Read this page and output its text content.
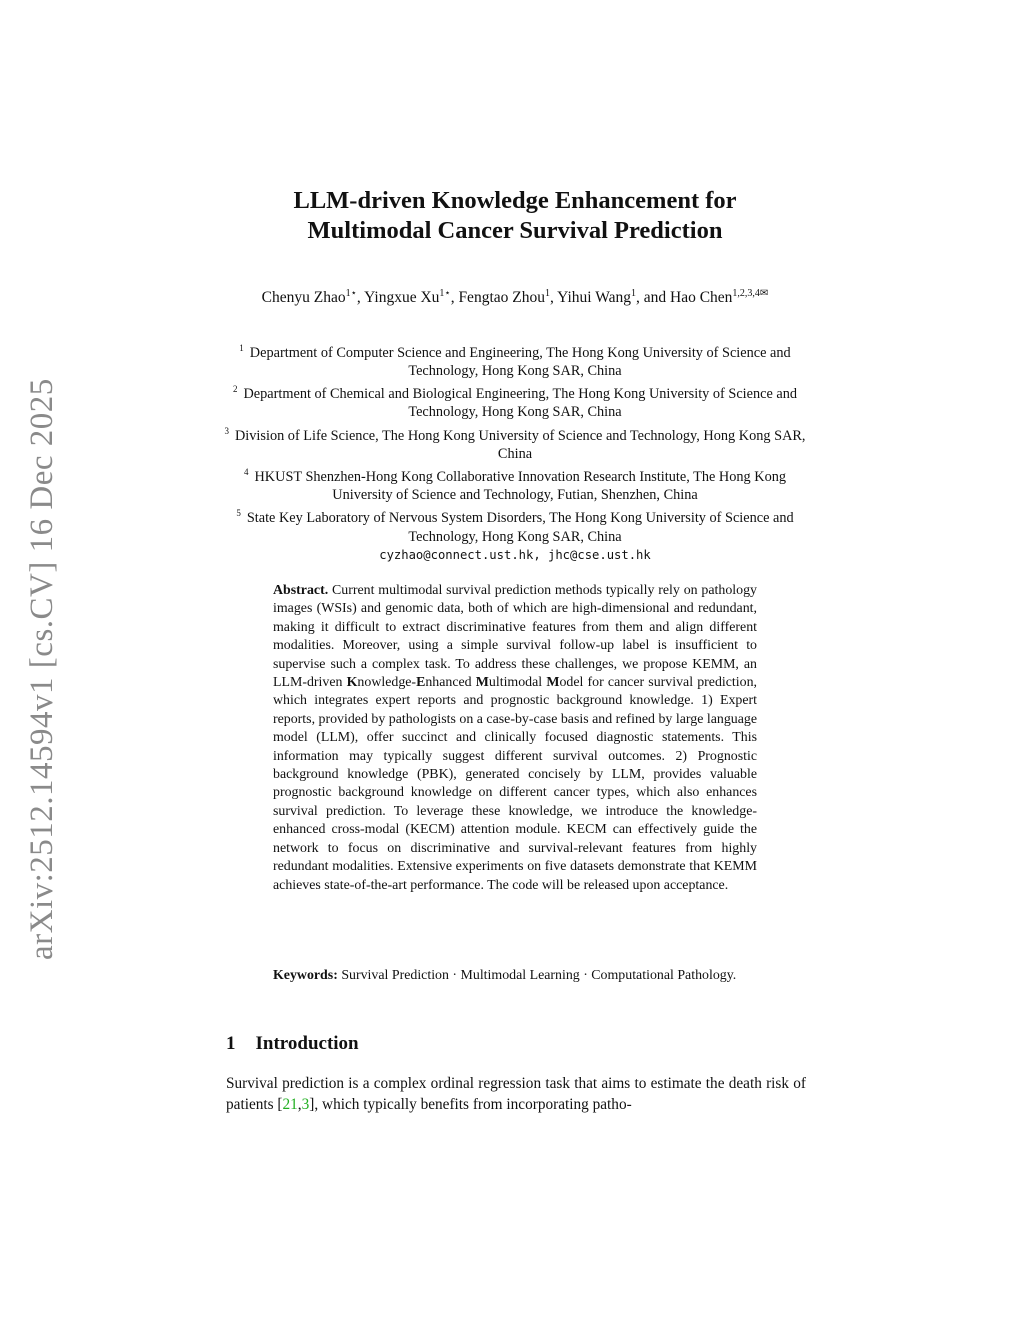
arXiv:2512.14594v1 [cs.CV] 16 Dec 2025
LLM-driven Knowledge Enhancement for
Multimodal Cancer Survival Prediction
Chenyu Zhao$^{1⋆}$, Yingxue $Xu^{1⋆}$, Fengtao Zhou$^1$, Yihui Wang$^1$, and Hao Chen$^{1,2,3,4✉}$
$^1$ Department of Computer Science and Engineering, The Hong Kong University of Science and Technology, Hong Kong SAR, China
$^2$ Department of Chemical and Biological Engineering, The Hong Kong University of Science and Technology, Hong Kong SAR, China
$^3$ Division of Life Science, The Hong Kong University of Science and Technology, Hong Kong SAR, China
$^4$ HKUST Shenzhen-Hong Kong Collaborative Innovation Research Institute, The Hong Kong University of Science and Technology, Futian, Shenzhen, China
$^5$ State Key Laboratory of Nervous System Disorders, The Hong Kong University of Science and Technology, Hong Kong SAR, China
cyzhao@connect.ust.hk, jhc@cse.ust.hk
Abstract. Current multimodal survival prediction methods typically rely on pathology images (WSIs) and genomic data, both of which are high-dimensional and redundant, making it difficult to extract discriminative features from them and align different modalities. Moreover, using a simple survival follow-up label is insufficient to supervise such a complex task. To address these challenges, we propose KEMM, an LLM-driven Knowledge-Enhanced Multimodal Model for cancer survival prediction, which integrates expert reports and prognostic background knowledge. 1) Expert reports, provided by pathologists on a case-by-case basis and refined by large language model (LLM), offer succinct and clinically focused diagnostic statements. This information may typically suggest different survival outcomes. 2) Prognostic background knowledge (PBK), generated concisely by LLM, provides valuable prognostic background knowledge on different cancer types, which also enhances survival prediction. To leverage these knowledge, we introduce the knowledge-enhanced cross-modal (KECM) attention module. KECM can effectively guide the network to focus on discriminative and survival-relevant features from highly redundant modalities. Extensive experiments on five datasets demonstrate that KEMM achieves state-of-the-art performance. The code will be released upon acceptance.
Keywords: Survival Prediction · Multimodal Learning · Computational Pathology.
1 Introduction
Survival prediction is a complex ordinal regression task that aims to estimate the death risk of patients [21,3], which typically benefits from incorporating patho-
